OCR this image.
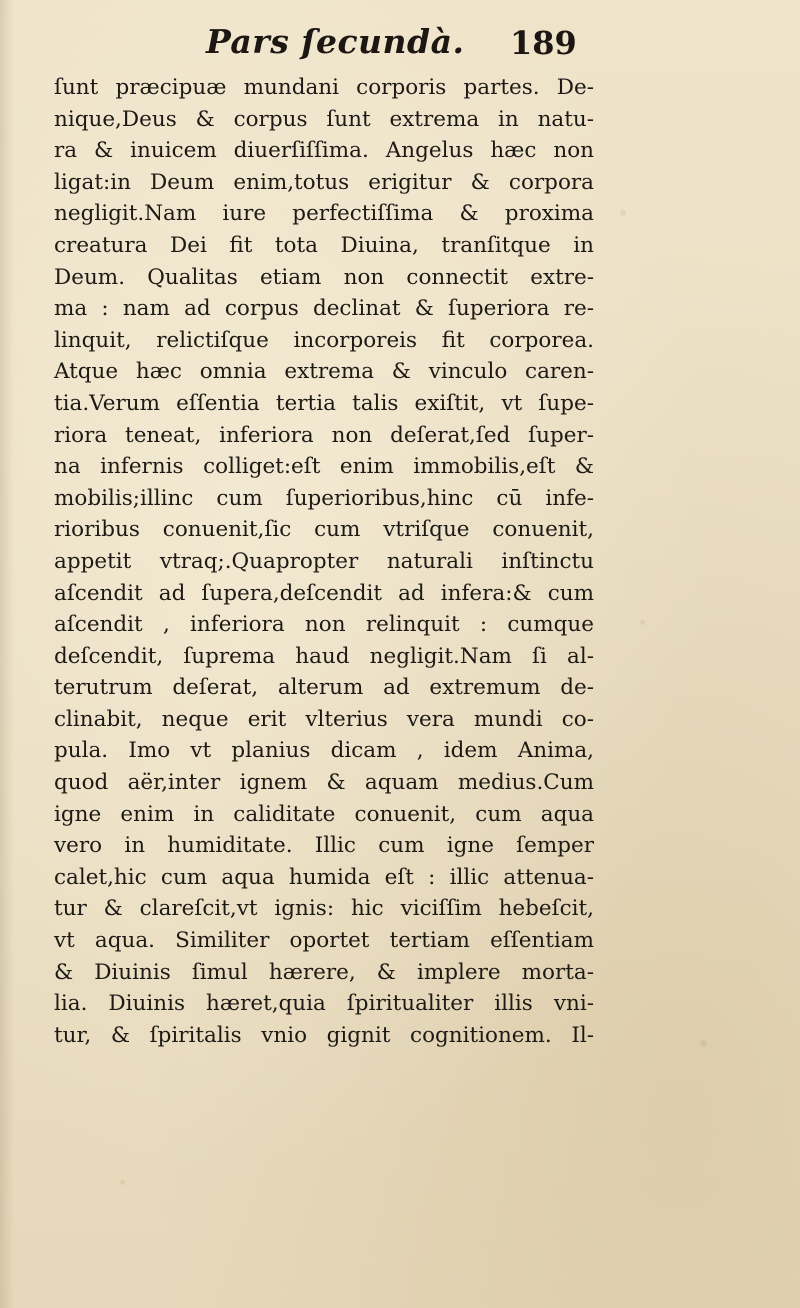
Pars ſecundà. 189
ſunt præcipuæ mundani corporis partes. De-
nique,Deus & corpus ſunt extrema in natu-
ra & inuicem diuerſiſſima. Angelus hæc non
ligat:in Deum enim,totus erigitur & corpora
negligit.Nam iure perfectiſſima & proxima
creatura Dei fit tota Diuina, tranſitque in
Deum. Qualitas etiam non connectit extre-
ma : nam ad corpus declinat & ſuperiora re-
linquit, relictiſque incorporeis fit corporea.
Atque hæc omnia extrema & vinculo caren-
tia.Verum eſſentia tertia talis exiſtit, vt ſupe-
riora teneat, inferiora non deſerat,ſed ſuper-
na infernis colliget:eſt enim immobilis,eſt &
mobilis;illinc cum ſuperioribus,hinc cū infe-
rioribus conuenit,ſic cum vtriſque conuenit,
appetit vtraq;.Quapropter naturali inſtinctu
aſcendit ad ſupera,deſcendit ad infera:& cum
aſcendit , inferiora non relinquit : cumque
deſcendit, ſuprema haud negligit.Nam ſi al-
terutrum deſerat, alterum ad extremum de-
clinabit, neque erit vlterius vera mundi co-
pula. Imo vt planius dicam , idem Anima,
quod aër,inter ignem & aquam medius.Cum
igne enim in caliditate conuenit, cum aqua
vero in humiditate. Illic cum igne ſemper
calet,hic cum aqua humida eſt : illic attenua-
tur & clareſcit,vt ignis: hic viciſſim hebeſcit,
vt aqua. Similiter oportet tertiam eſſentiam
& Diuinis ſimul hærere, & implere morta-
lia. Diuinis hæret,quia ſpiritualiter illis vni-
tur, & ſpiritalis vnio gignit cognitionem. Il-
